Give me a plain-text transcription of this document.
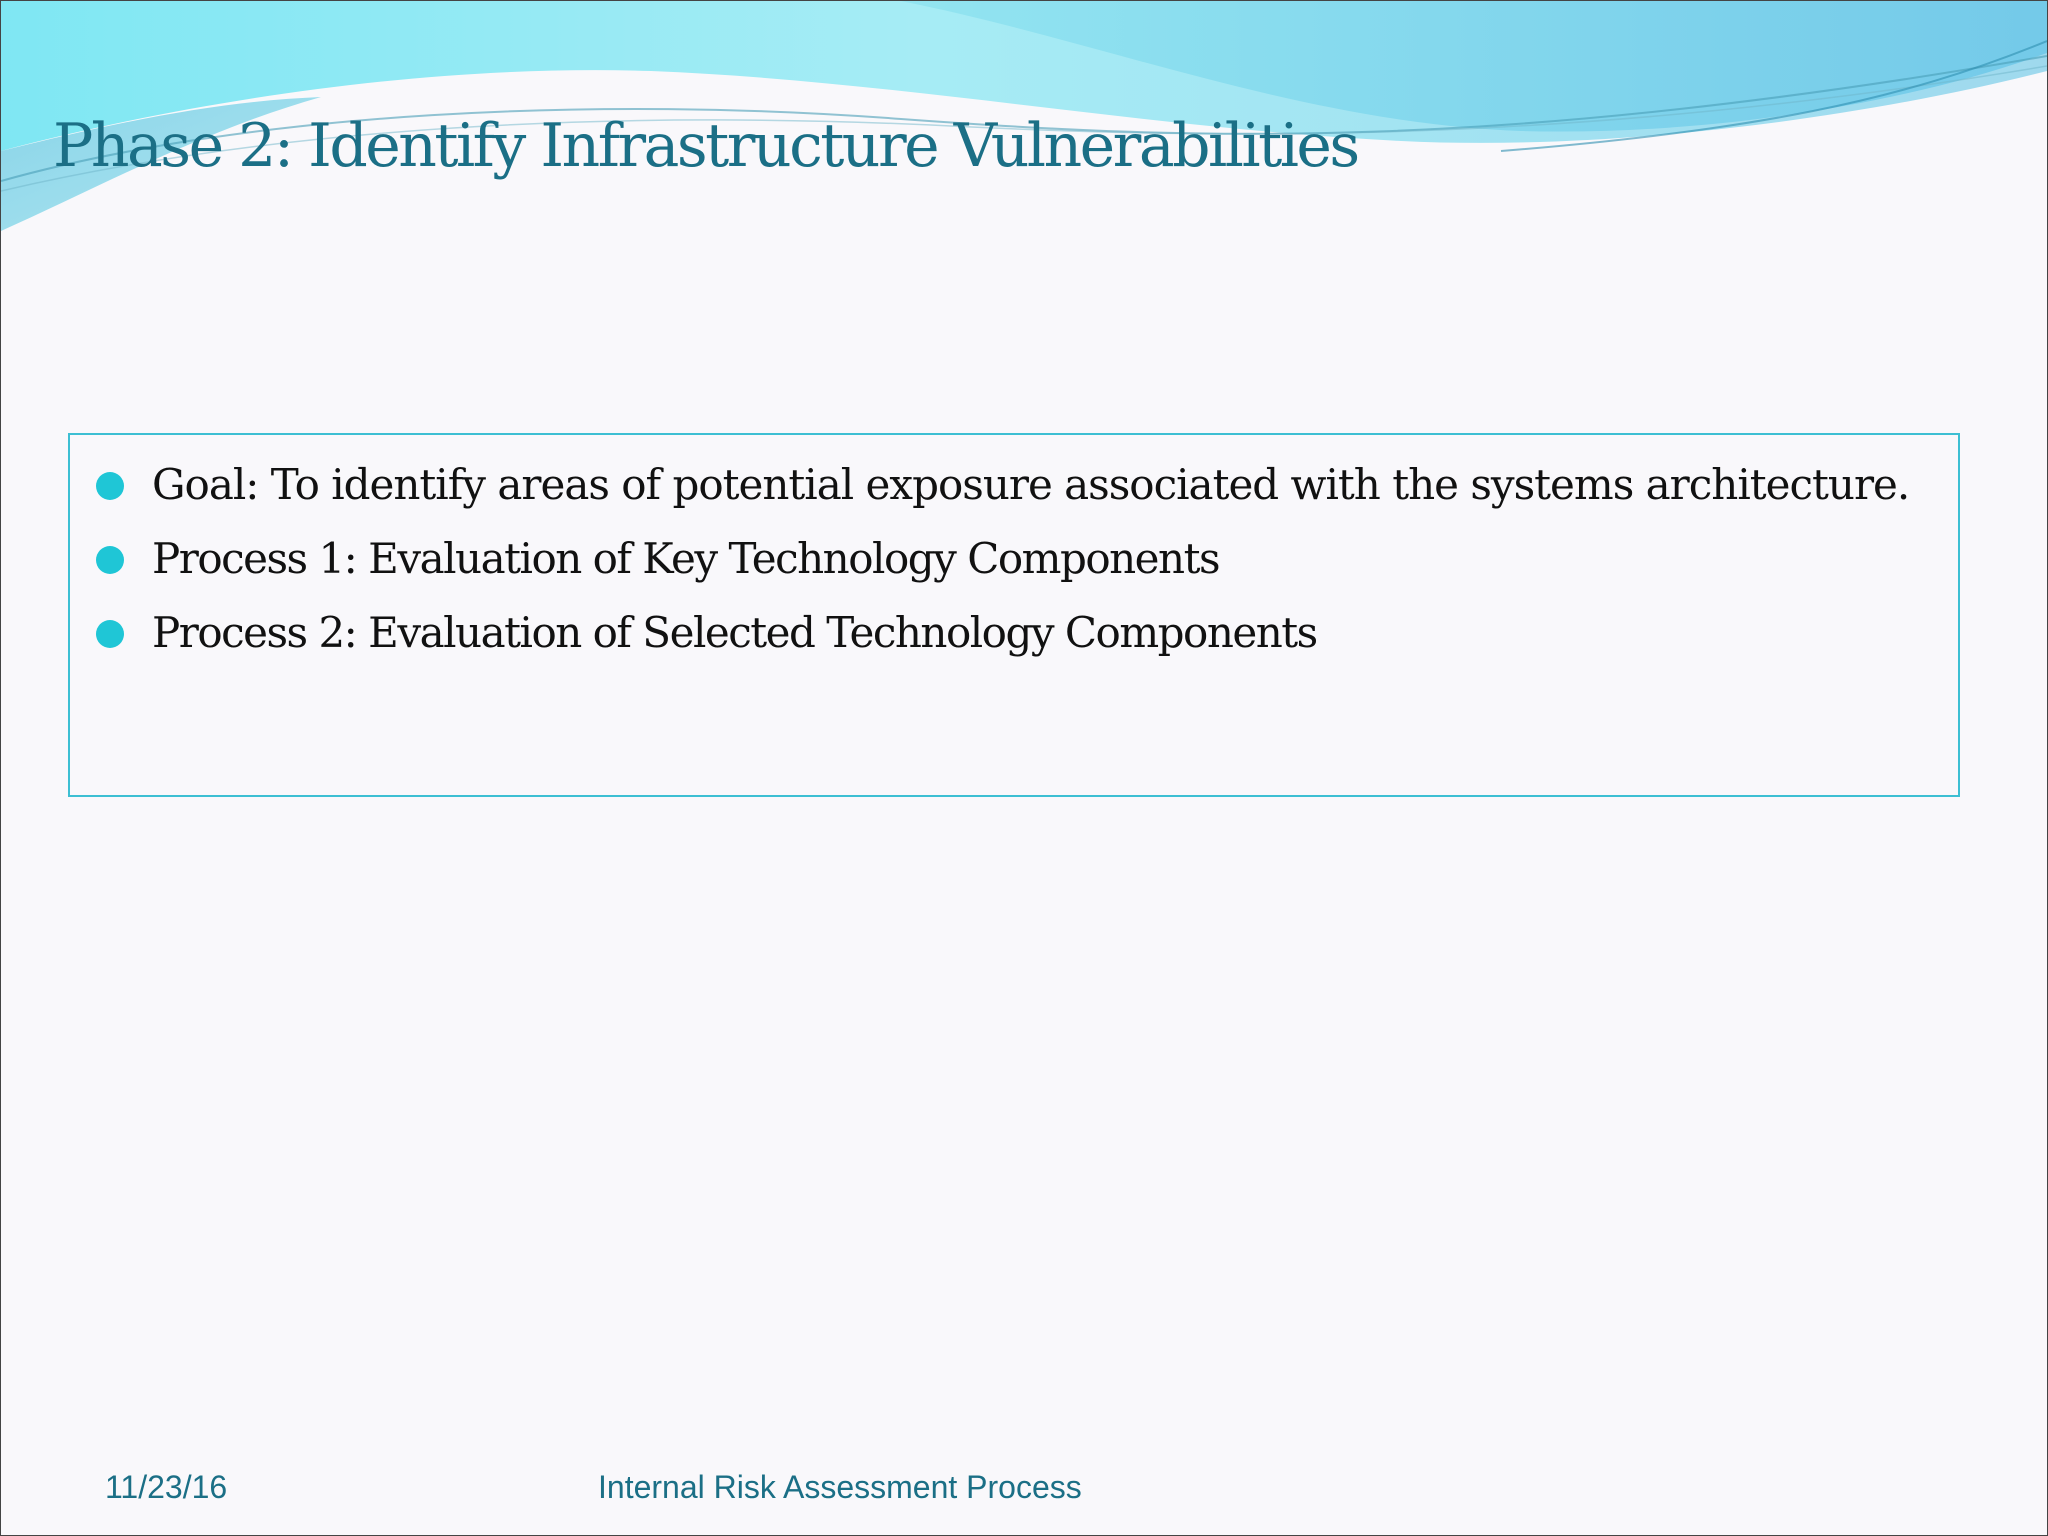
Phase 2: Identify Infrastructure Vulnerabilities
Goal: To identify areas of potential exposure associated with the systems architecture.
Process 1: Evaluation of Key Technology Components
Process 2: Evaluation of Selected Technology Components
11/23/16	Internal Risk Assessment Process
